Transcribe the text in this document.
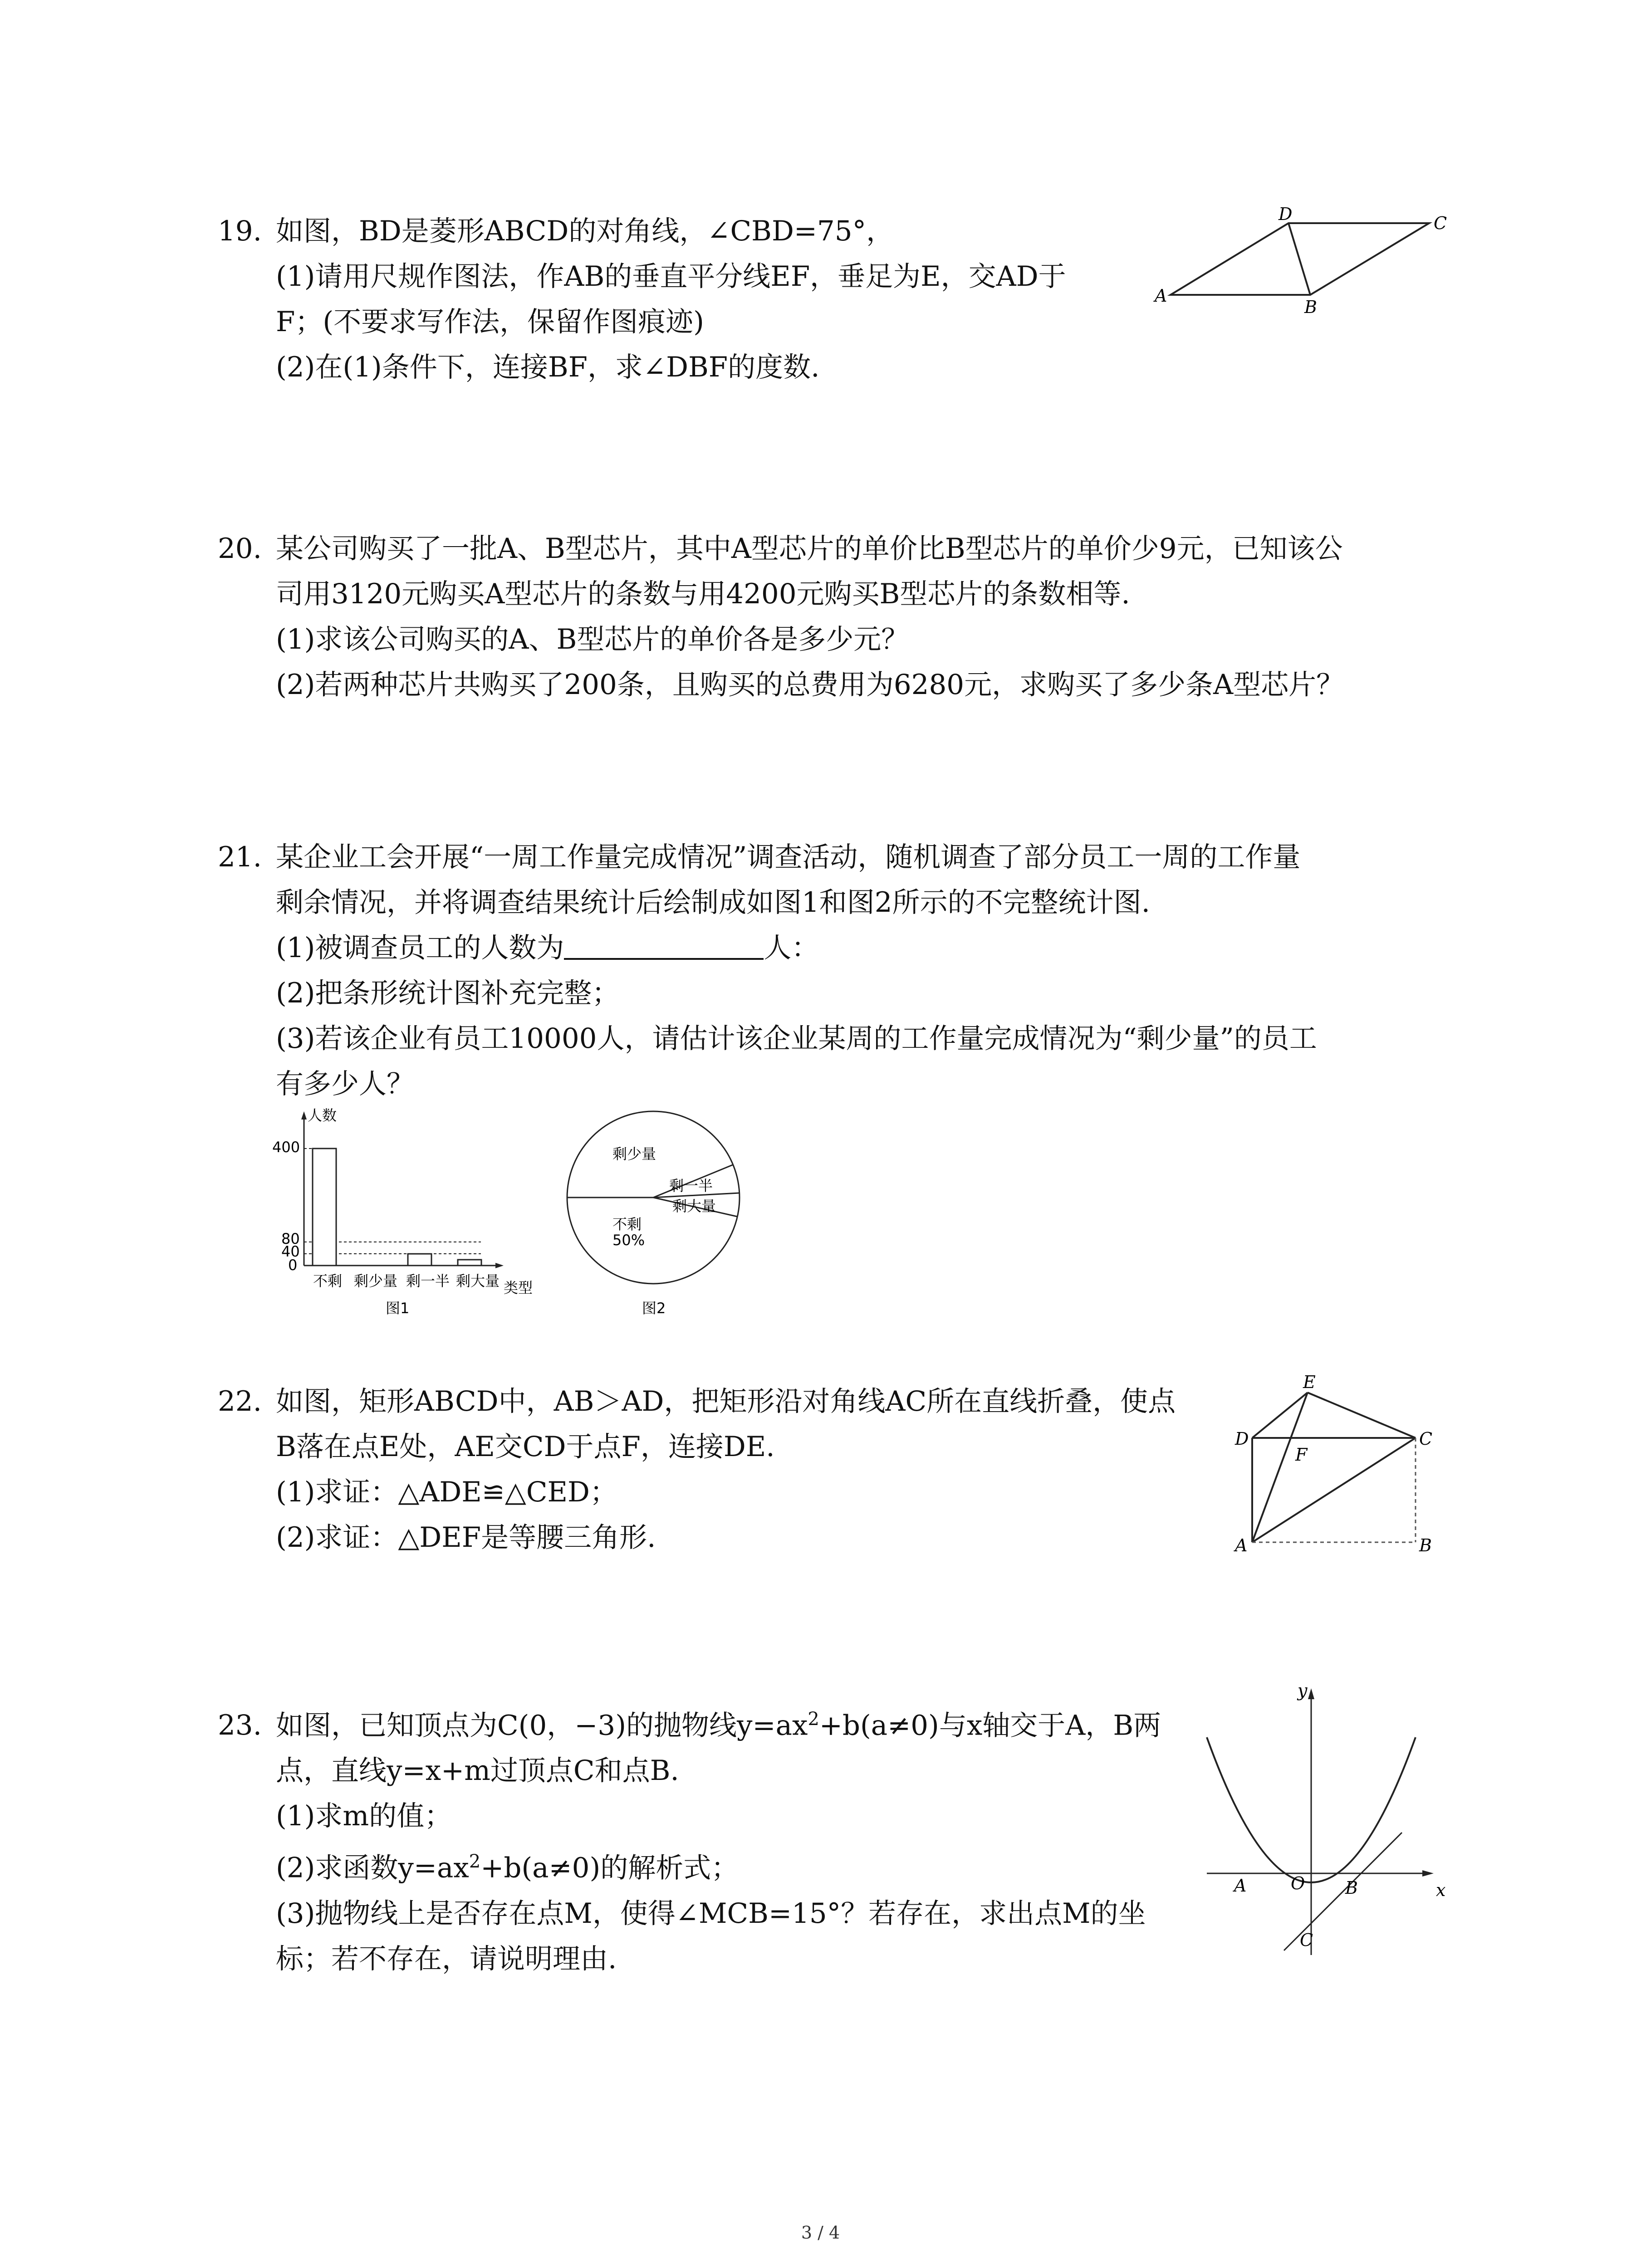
19. 如图，BD是菱形ABCD的对角线，∠CBD=75°，
(1)请用尺规作图法，作AB的垂直平分线EF，垂足为E，交AD于
F；(不要求写作法，保留作图痕迹)
(2)在(1)条件下，连接BF，求∠DBF的度数.
A
D	C
B
20. 某公司购买了一批A、B型芯片，其中A型芯片的单价比B型芯片的单价少9元，已知该公
司用3120元购买A型芯片的条数与用4200元购买B型芯片的条数相等.
(1)求该公司购买的A、B型芯片的单价各是多少元？
(2)若两种芯片共购买了200条，且购买的总费用为6280元，求购买了多少条A型芯片？
21. 某企业工会开展“一周工作量完成情况”调查活动，随机调查了部分员工一周的工作量
剩余情况，并将调查结果统计后绘制成如图1和图2所示的不完整统计图.
(1)被调查员工的人数为	人：
(2)把条形统计图补充完整；
(3)若该企业有员工10000人，请估计该企业某周的工作量完成情况为“剩少量”的员工
有多少人？
人数
类型
400
80
40
0
不剩 剩少量 剩一半 剩大量
图1
剩少量
剩一半
剩大量
不剩
50%
图2
22. 如图，矩形ABCD中，AB＞AD，把矩形沿对角线AC所在直线折叠，使点
B落在点E处，AE交CD于点F，连接DE.
(1)求证：△ADE≌△CED；
(2)求证：△DEF是等腰三角形.
E
D	C
F
A	B
23. 如图，已知顶点为C(0，−3)的抛物线$y=ax^2+b(a\ne 0)$与x轴交于A，B两
点，直线y=x+m过顶点C和点B.
(1)求m的值；
(2)求函数$y=ax^2+b(a\ne 0)$的解析式；
(3)抛物线上是否存在点M，使得∠MCB=15°？若存在，求出点M的坐
标；若不存在，请说明理由.
y
x
A	O B
C
3 / 4
